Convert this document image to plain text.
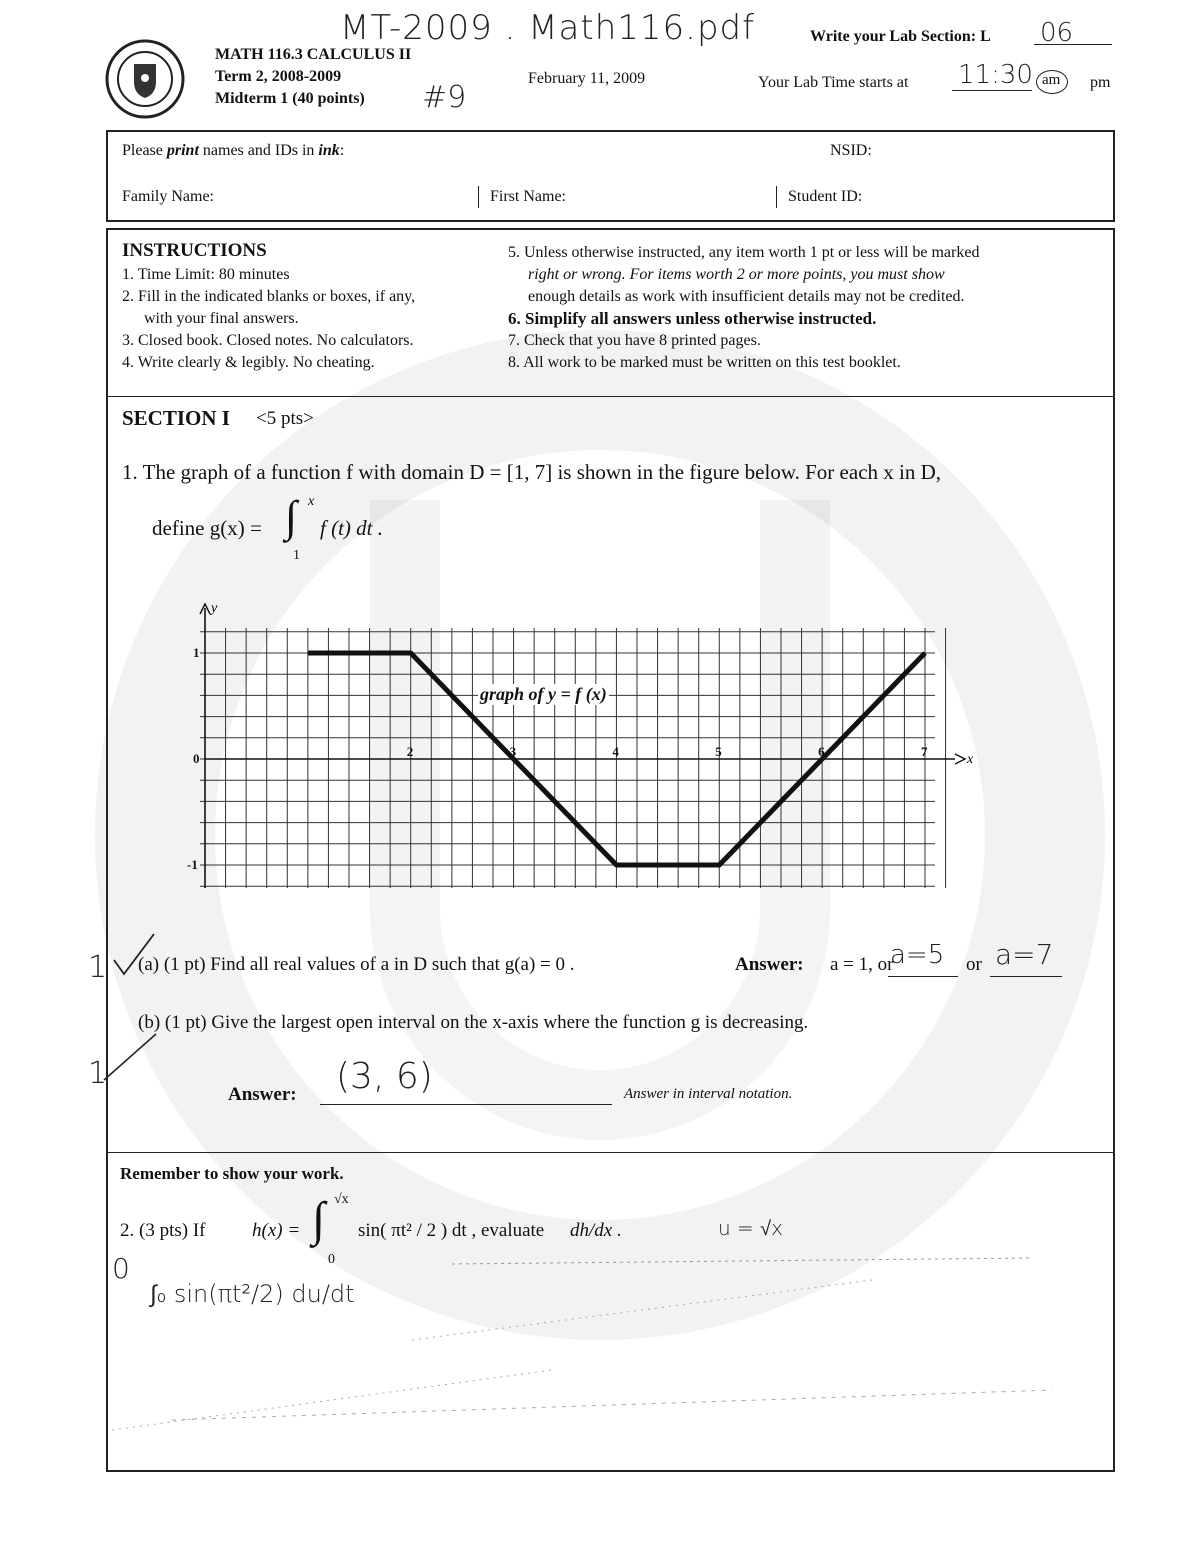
MT-2009 . Math116.pdf
MATH 116.3 CALCULUS II
Term 2, 2008-2009
Midterm 1 (40 points) #9
February 11, 2009
Write your Lab Section: L 06
Your Lab Time starts at 11:30 am pm
Please print names and IDs in ink:	NSID:
Family Name:	First Name:	Student ID:
INSTRUCTIONS
1. Time Limit: 80 minutes
2. Fill in the indicated blanks or boxes, if any,
with your final answers.
3. Closed book. Closed notes. No calculators.
4. Write clearly & legibly. No cheating.
5. Unless otherwise instructed, any item worth 1 pt or less will be marked
right or wrong. For items worth 2 or more points, you must show
enough details as work with insufficient details may not be credited.
6. Simplify all answers unless otherwise instructed.
7. Check that you have 8 printed pages.
8. All work to be marked must be written on this test booklet.
SECTION I <5 pts>
1. The graph of a function f with domain D = [1, 7] is shown in the figure below. For each x in D,
define g(x) = ∫ x
1
f (t) dt .
x
y
2	3	4	5	6	7
1
0
-1
graph of y = f (x)
1 (a) (1 pt) Find all real values of a in D such that g(a) = 0 .	Answer: a = 1, or
a=5 or a=7
(b) (1 pt) Give the largest open interval on the x-axis where the function g is decreasing.
1
Answer: (3, 6)	Answer in interval notation.
Remember to show your work.
2. (3 pts) If h(x) = ∫ √x
0
sin( πt² / 2 ) dt , evaluate dh/dx .	u = √x
0
∫₀ sin(πt²/2) du/dt
